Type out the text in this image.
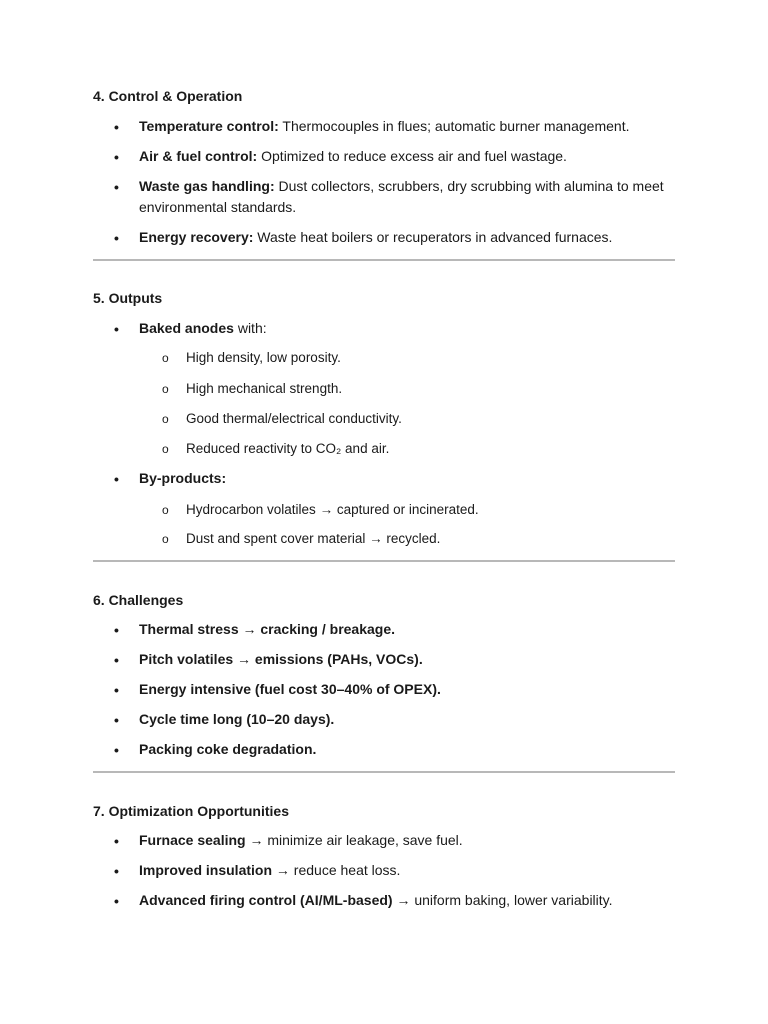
4. Control & Operation
• Temperature control: Thermocouples in flues; automatic burner management.
• Air & fuel control: Optimized to reduce excess air and fuel wastage.
• Waste gas handling: Dust collectors, scrubbers, dry scrubbing with alumina to meet environmental standards.
• Energy recovery: Waste heat boilers or recuperators in advanced furnaces.
5. Outputs
• Baked anodes with:
o High density, low porosity.
o High mechanical strength.
o Good thermal/electrical conductivity.
o Reduced reactivity to CO₂ and air.
• By-products:
o Hydrocarbon volatiles → captured or incinerated.
o Dust and spent cover material → recycled.
6. Challenges
• Thermal stress → cracking / breakage.
• Pitch volatiles → emissions (PAHs, VOCs).
• Energy intensive (fuel cost 30–40% of OPEX).
• Cycle time long (10–20 days).
• Packing coke degradation.
7. Optimization Opportunities
• Furnace sealing → minimize air leakage, save fuel.
• Improved insulation → reduce heat loss.
• Advanced firing control (AI/ML-based) → uniform baking, lower variability.
